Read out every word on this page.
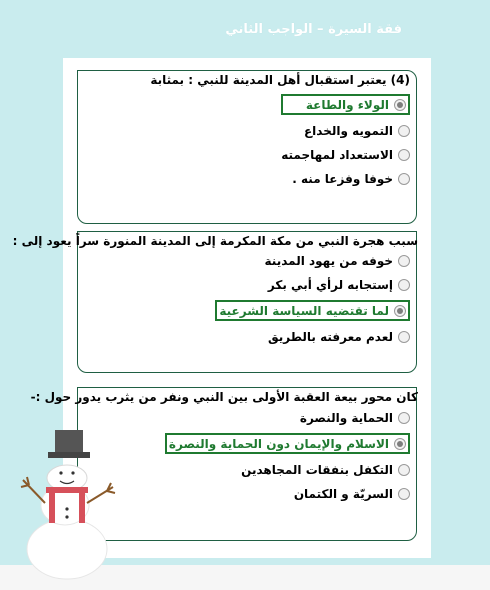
فقة السيرة – الواجب الثاني
(4) يعتبر استقبال أهل المدينة للنبي : بمثابة
الولاء والطاعة
التمويه والخداع
الاستعداد لمهاجمته
خوفا وفزعا منه .
سبب هجرة النبي من مكة المكرمة إلى المدينة المنورة سراً يعود إلى :
خوفه من يهود المدينة
إستجابه لرأي أبي بكر
لما تقتضيه السياسة الشرعية
لعدم معرفته بالطريق
كان محور بيعة العقبة الأولى بين النبي ونفر من يثرب يدور حول :-
الحماية والنصرة
الاسلام والإيمان دون الحماية والنصرة
التكفل بنفقات المجاهدين
السريّة و الكتمان
صمت مؤلم
